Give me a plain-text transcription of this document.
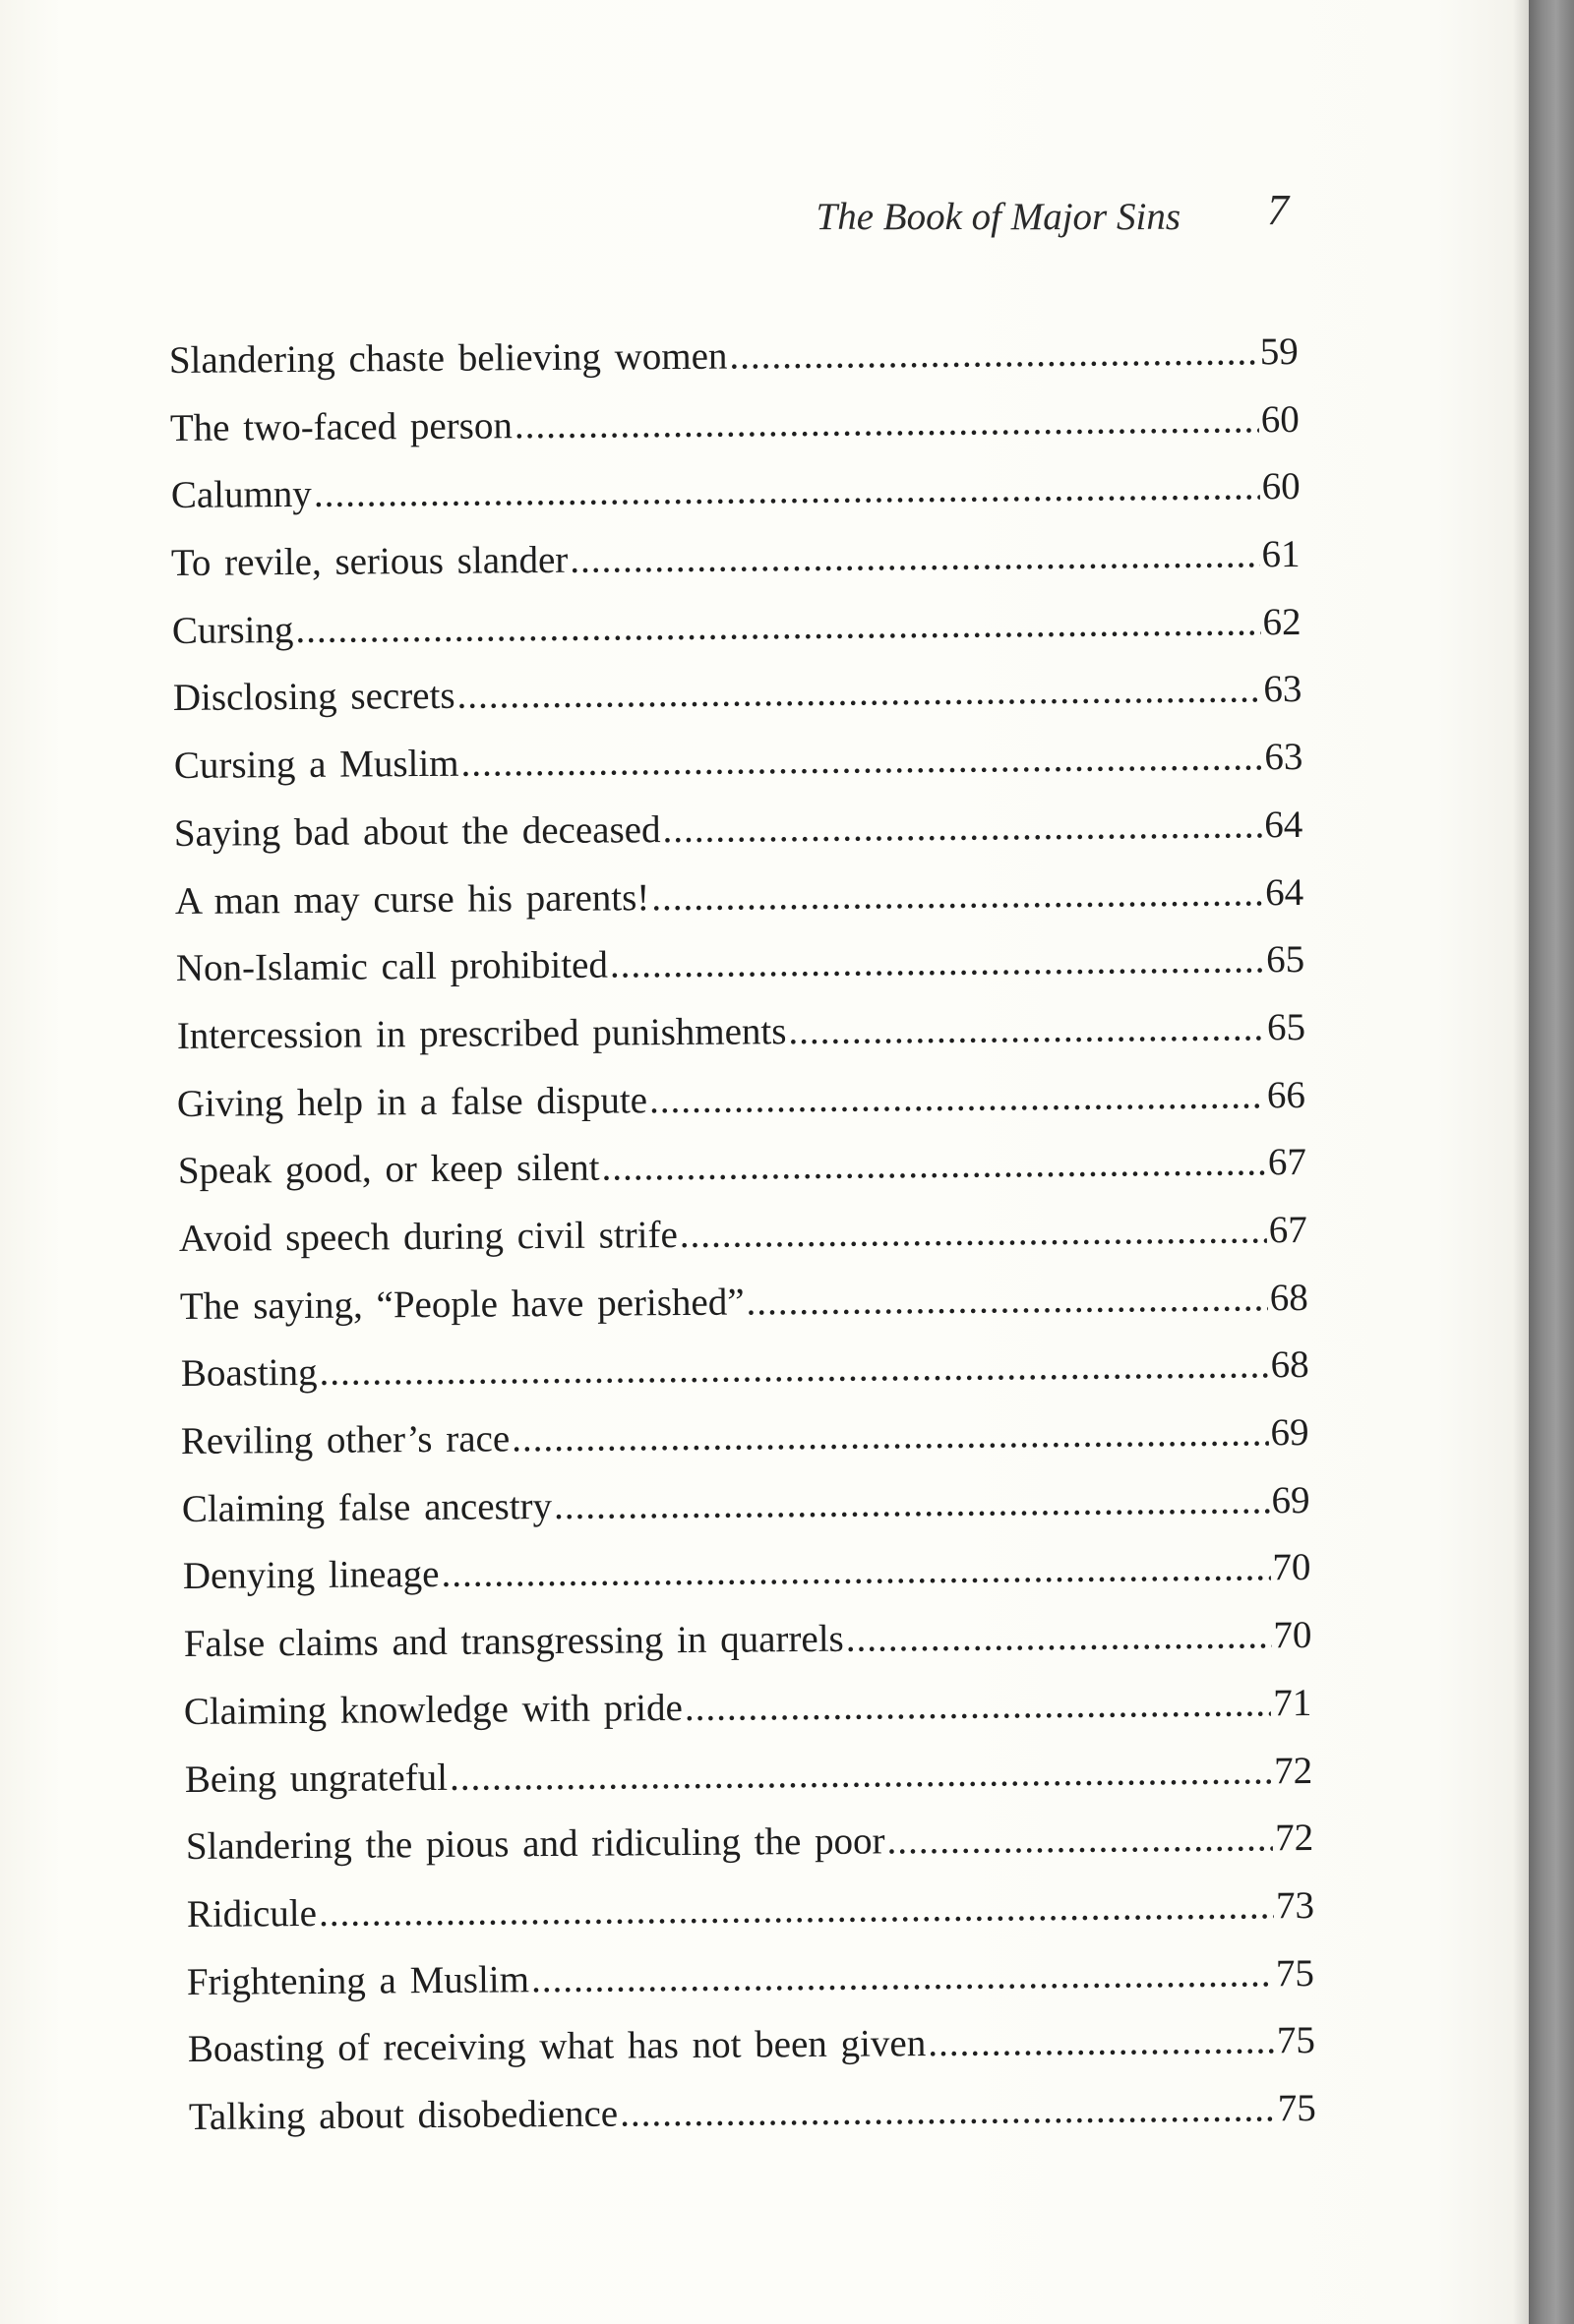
The Book of Major Sins 7
Slandering chaste believing women .....	59
The two-faced person .....	60
Calumny .....	60
To revile, serious slander .....	61
Cursing .....	62
Disclosing secrets .....	63
Cursing a Muslim .....	63
Saying bad about the deceased .....	64
A man may curse his parents! .....	64
Non-Islamic call prohibited .....	65
Intercession in prescribed punishments .....	65
Giving help in a false dispute .....	66
Speak good, or keep silent .....	67
Avoid speech during civil strife .....	67
The saying, “People have perished” .....	68
Boasting .....	68
Reviling other’s race .....	69
Claiming false ancestry .....	69
Denying lineage .....	70
False claims and transgressing in quarrels .....	70
Claiming knowledge with pride .....	71
Being ungrateful .....	72
Slandering the pious and ridiculing the poor .....	72
Ridicule .....	73
Frightening a Muslim .....	75
Boasting of receiving what has not been given .....	75
Talking about disobedience .....	75
